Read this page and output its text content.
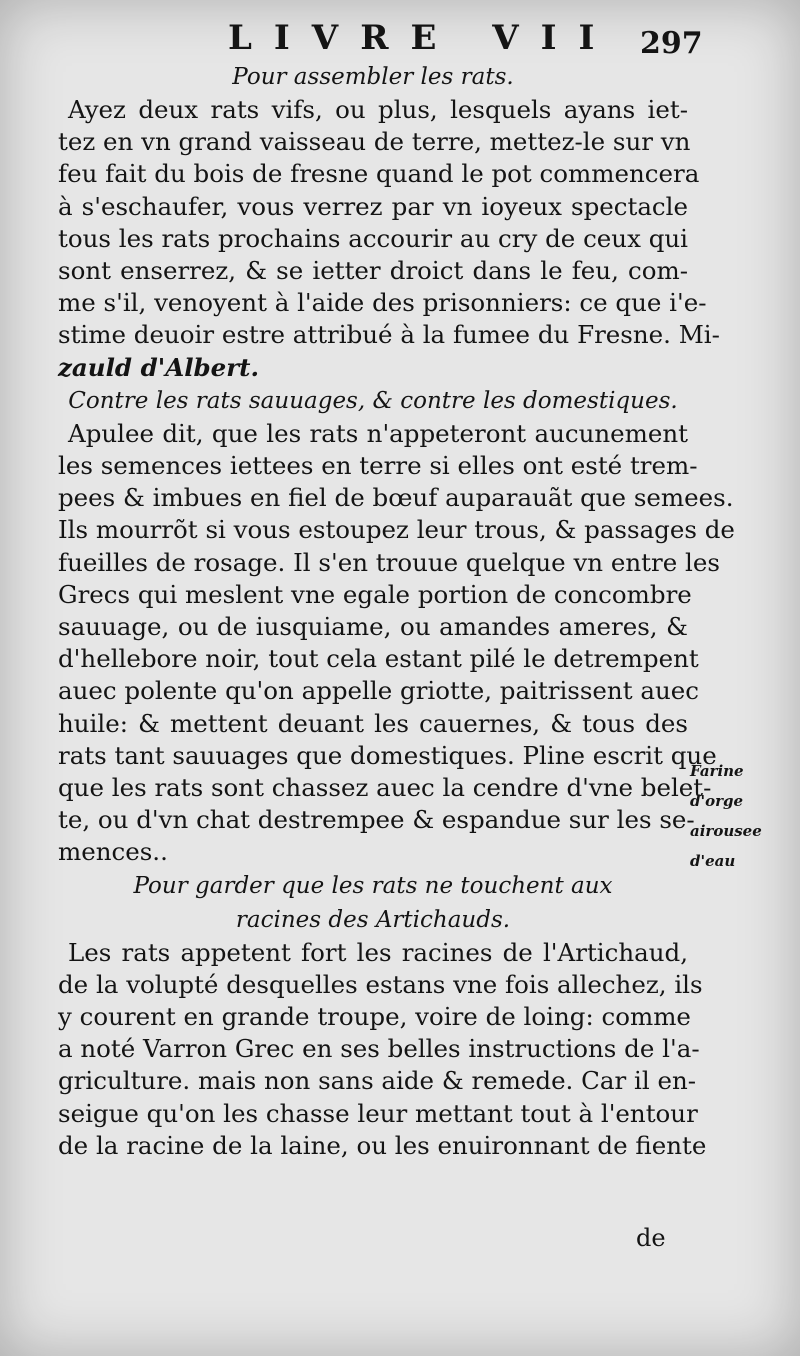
LIVRE VII 297

Pour assembler les rats.

Ayez deux rats vifs, ou plus, lesquels ayans iet-

tez en vn grand vaisseau de terre, mettez-le sur vn

feu fait du bois de fresne quand le pot commencera

à s'eschaufer, vous verrez par vn ioyeux spectacle

tous les rats prochains accourir au cry de ceux qui

sont enserrez, & se ietter droict dans le feu, com-

me s'il, venoyent à l'aide des prisonniers: ce que i'e-

stime deuoir estre attribué à la fumee du Fresne. Mi-

zauld d'Albert.

Contre les rats sauuages, & contre les domestiques.

Apulee dit, que les rats n'appeteront aucunement

les semences iettees en terre si elles ont esté trem-

pees & imbues en fiel de bœuf auparauãt que semees.

Ils mourrõt si vous estoupez leur trous, & passages de

fueilles de rosage. Il s'en trouue quelque vn entre les

Grecs qui meslent vne egale portion de concombre

sauuage, ou de iusquiame, ou amandes ameres, &

d'hellebore noir, tout cela estant pilé le detrempent

auec polente qu'on appelle griotte, paitrissent auec

huile: & mettent deuant les cauernes, & tous des

rats tant sauuages que domestiques. Pline escrit que

que les rats sont chassez auec la cendre d'vne belet-

te, ou d'vn chat destrempee & espandue sur les se-

mences..

Pour garder que les rats ne touchent aux racines des Artichauds.

Les rats appetent fort les racines de l'Artichaud,

de la volupté desquelles estans vne fois allechez, ils

y courent en grande troupe, voire de loing: comme

a noté Varron Grec en ses belles instructions de l'a-

griculture. mais non sans aide & remede. Car il en-

seigue qu'on les chasse leur mettant tout à l'entour

de la racine de la laine, ou les enuironnant de fiente

Farine
d'orge
airousee
d'eau
de
